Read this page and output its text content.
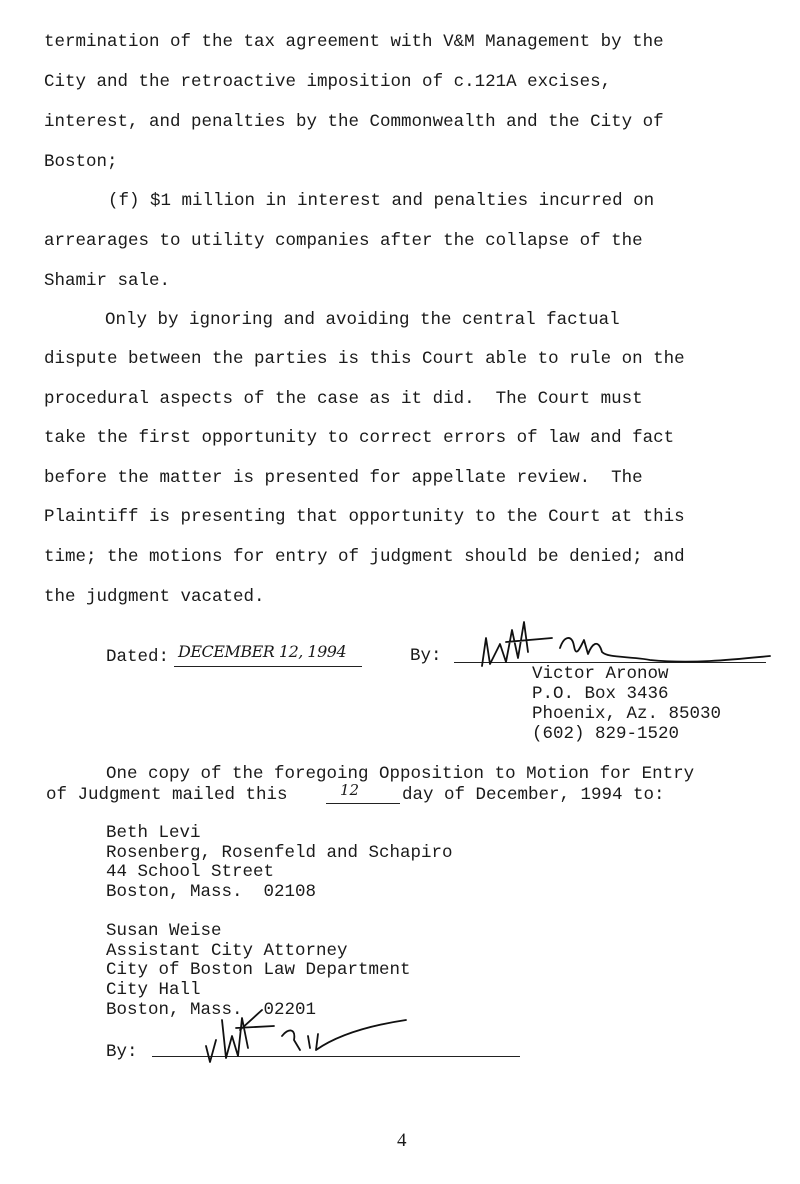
termination of the tax agreement with V&M Management by the
City and the retroactive imposition of c.121A excises,
interest, and penalties by the Commonwealth and the City of
Boston;
(f) $1 million in interest and penalties incurred on
arrearages to utility companies after the collapse of the
Shamir sale.
Only by ignoring and avoiding the central factual
dispute between the parties is this Court able to rule on the
procedural aspects of the case as it did.  The Court must
take the first opportunity to correct errors of law and fact
before the matter is presented for appellate review.  The
Plaintiff is presenting that opportunity to the Court at this
time; the motions for entry of judgment should be denied; and
the judgment vacated.
Dated: DECEMBER 12, 1994	By:
Victor Aronow
P.O. Box 3436
Phoenix, Az. 85030
(602) 829-1520
One copy of the foregoing Opposition to Motion for Entry
of Judgment mailed this	12 day of December, 1994 to:
Beth Levi
Rosenberg, Rosenfeld and Schapiro
44 School Street
Boston, Mass.  02108
Susan Weise
Assistant City Attorney
City of Boston Law Department
City Hall
Boston, Mass.  02201
By:
4
